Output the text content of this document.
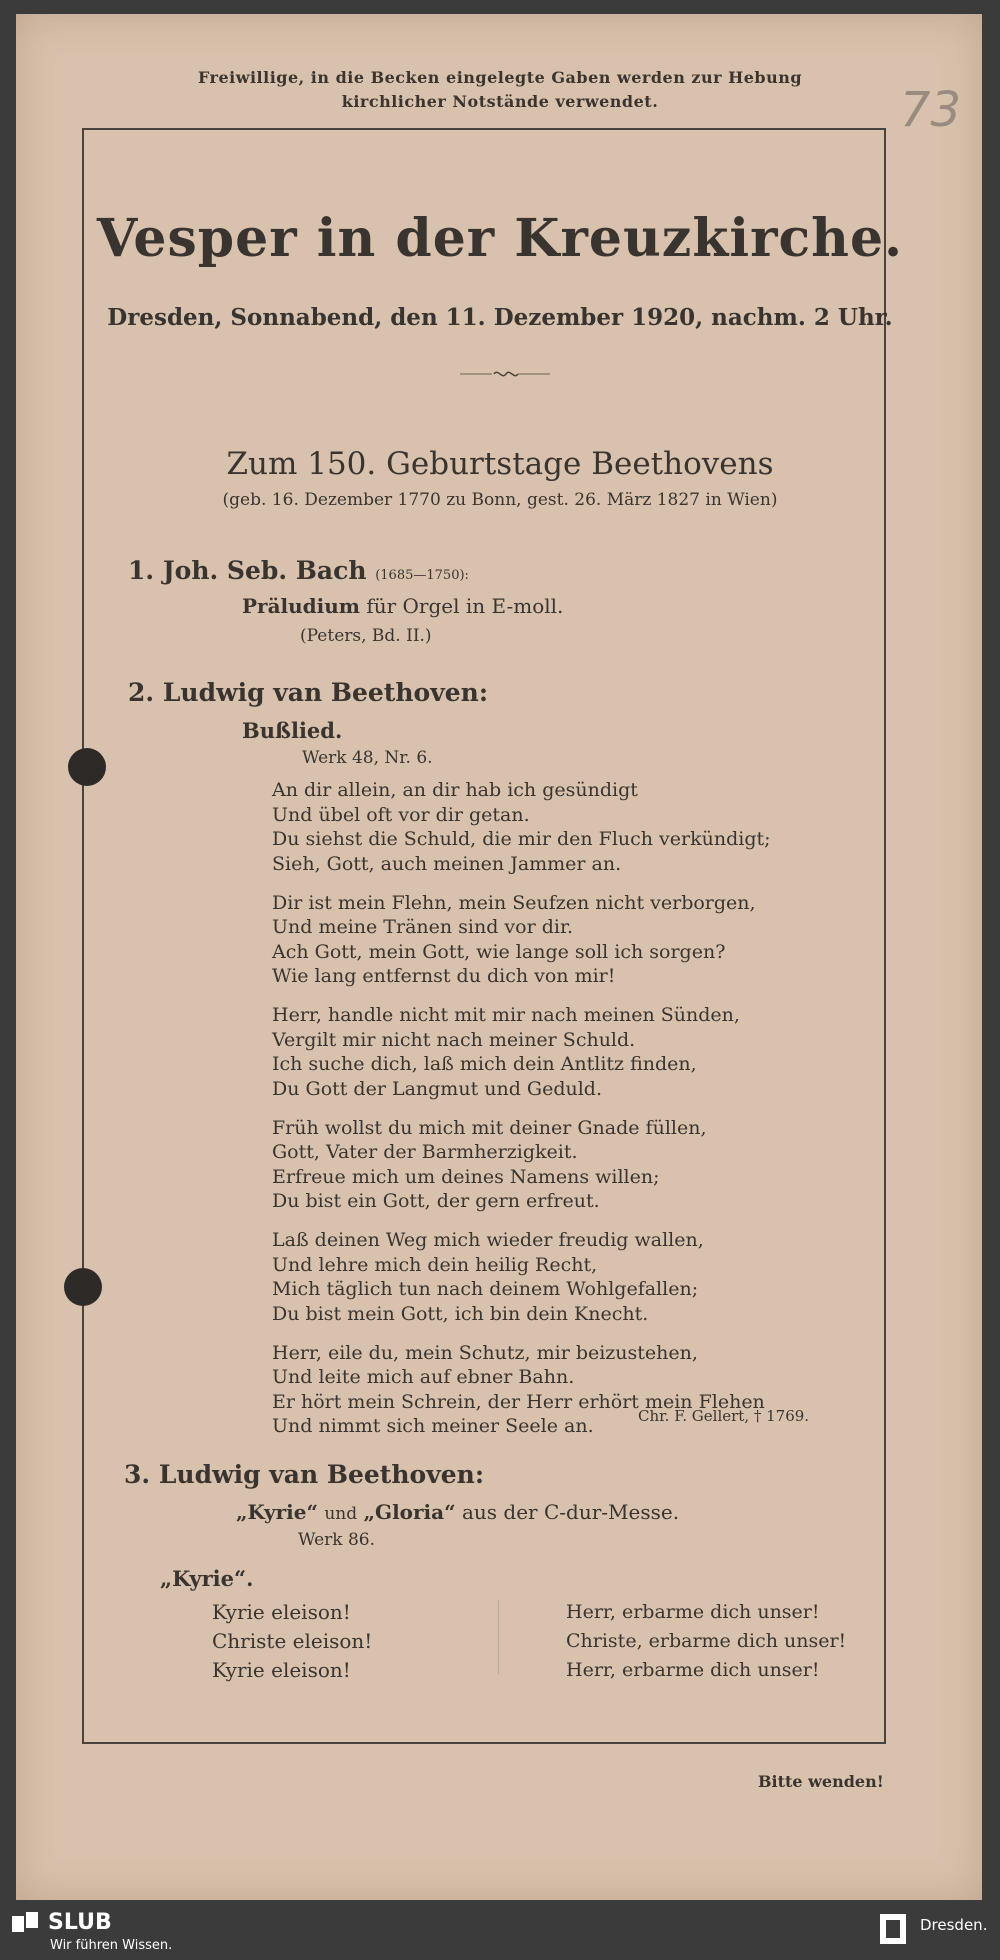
Freiwillige, in die Becken eingelegte Gaben werden zur Hebung
kirchlicher Notstände verwendet.	73
Vesper in der Kreuzkirche.
Dresden, Sonnabend, den 11. Dezember 1920, nachm. 2 Uhr.
Zum 150. Geburtstage Beethovens
(geb. 16. Dezember 1770 zu Bonn, gest. 26. März 1827 in Wien)
1. Joh. Seb. Bach (1685—1750):
Präludium für Orgel in E-moll.
(Peters, Bd. II.)
2. Ludwig van Beethoven:
Bußlied.
Werk 48, Nr. 6.
An dir allein, an dir hab ich gesündigt
Und übel oft vor dir getan.
Du siehst die Schuld, die mir den Fluch verkündigt;
Sieh, Gott, auch meinen Jammer an.
Dir ist mein Flehn, mein Seufzen nicht verborgen,
Und meine Tränen sind vor dir.
Ach Gott, mein Gott, wie lange soll ich sorgen?
Wie lang entfernst du dich von mir!
Herr, handle nicht mit mir nach meinen Sünden,
Vergilt mir nicht nach meiner Schuld.
Ich suche dich, laß mich dein Antlitz finden,
Du Gott der Langmut und Geduld.
Früh wollst du mich mit deiner Gnade füllen,
Gott, Vater der Barmherzigkeit.
Erfreue mich um deines Namens willen;
Du bist ein Gott, der gern erfreut.
Laß deinen Weg mich wieder freudig wallen,
Und lehre mich dein heilig Recht,
Mich täglich tun nach deinem Wohlgefallen;
Du bist mein Gott, ich bin dein Knecht.
Herr, eile du, mein Schutz, mir beizustehen,
Und leite mich auf ebner Bahn.
Er hört mein Schrein, der Herr erhört mein Flehen
Und nimmt sich meiner Seele an.	Chr. F. Gellert, † 1769.
3. Ludwig van Beethoven:
„Kyrie“ und „Gloria“ aus der C-dur-Messe.
Werk 86.
„Kyrie“.
Kyrie eleison!
Christe eleison!
Kyrie eleison!
Herr, erbarme dich unser!
Christe, erbarme dich unser!
Herr, erbarme dich unser!
Bitte wenden!
SLUB
Wir führen Wissen.
Dresden.
